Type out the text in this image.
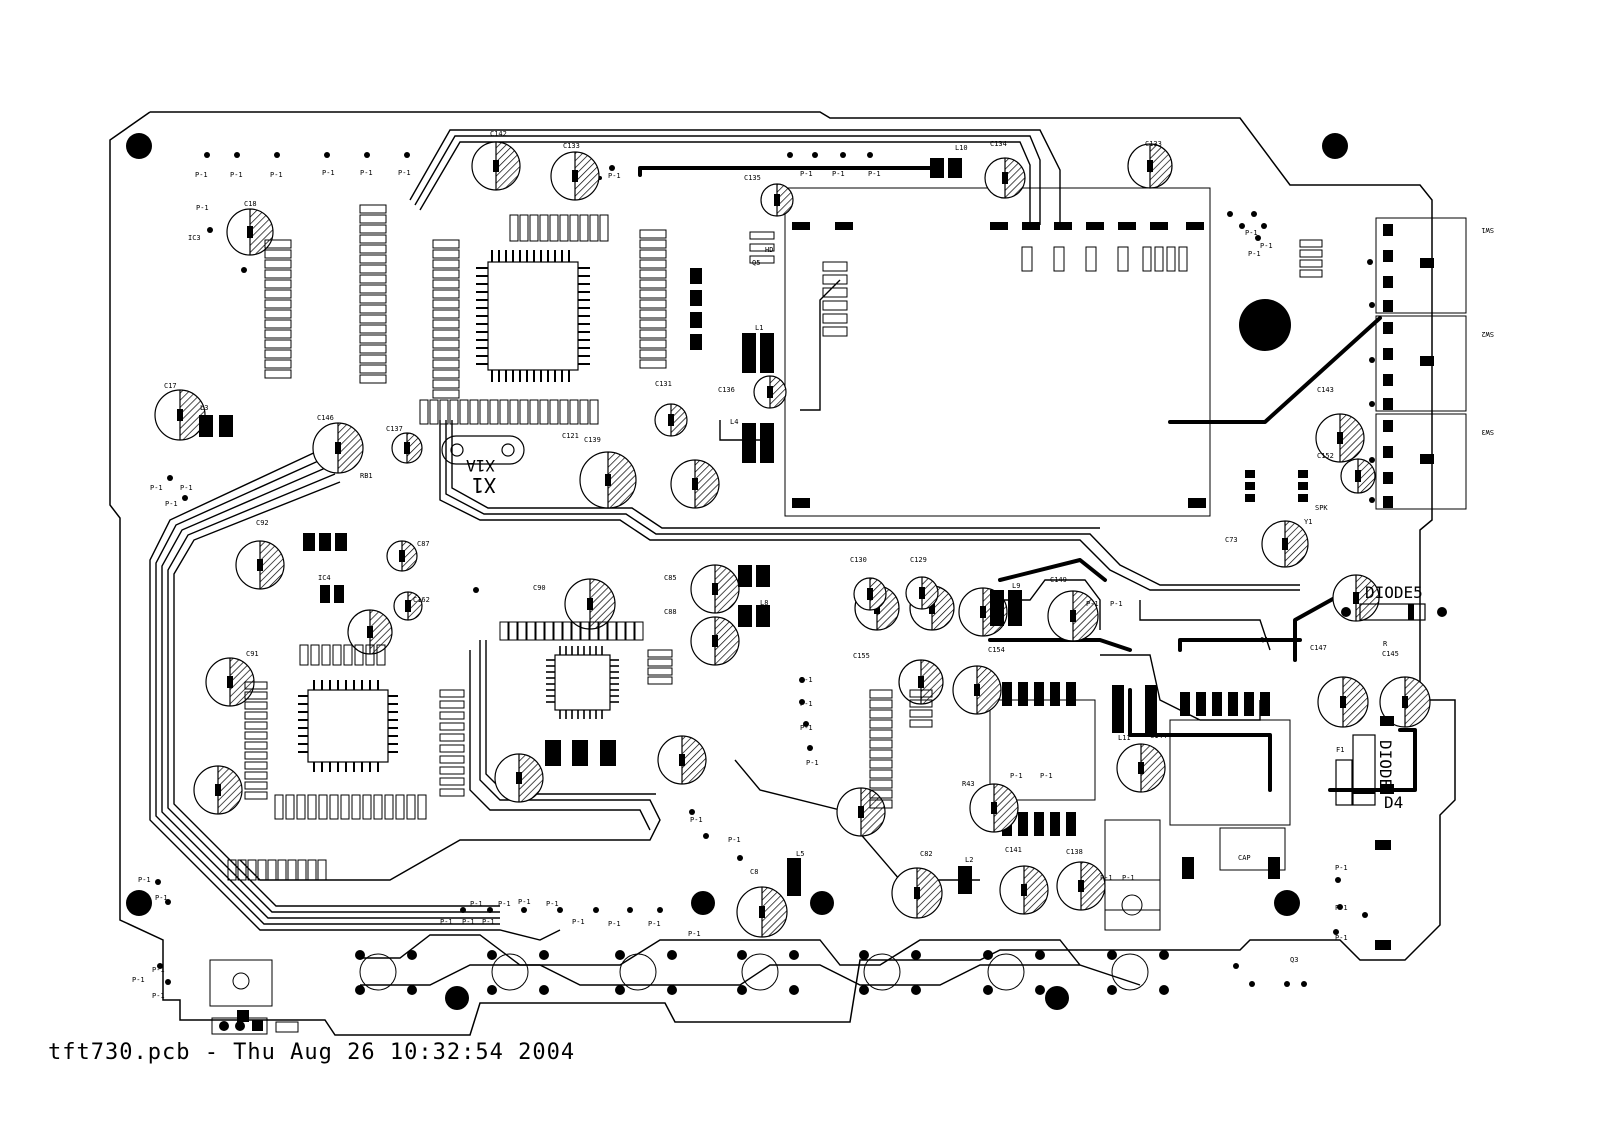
X1
X1A
DIODE5
DIODE
D4
C142
C133	C133
C134
C135
L10
C18
IC3
C137
C17
L3
C146
RB1
C92
C87
C162
C91
C90
C88
C85
C129
C130
C149
C136
C131
L4
C121 C139
C155
C154
C144
C143
C152
C73
C147
C145
C141	C138
C82
L2
L5
C8
F1
Y1
Q1
Q3
SW1
SW2
SW3
R43
L11
L8
L9
IC4
L1
Q5
HD
SPK
CAP
R
P-1	P-1	P-1	P-1	P-1	P-1
P-1
P-1	P-1	P-1	P-1
P-1
P-1
P-1
P-1 P-1
P-1
P-1
P-1
P-1
P-1
P-1
P-1
P-1
P-1
P-1
P-1
P-1
P-1
P-1
P-1
P-1
P-1 P-1 P-1 P-1
P-1	P-1	P-1
P-1 P-1
P-1 P-1
P-1 P-1 P-1
P-1
P-1
tft730.pcb - Thu Aug 26 10:32:54 2004
